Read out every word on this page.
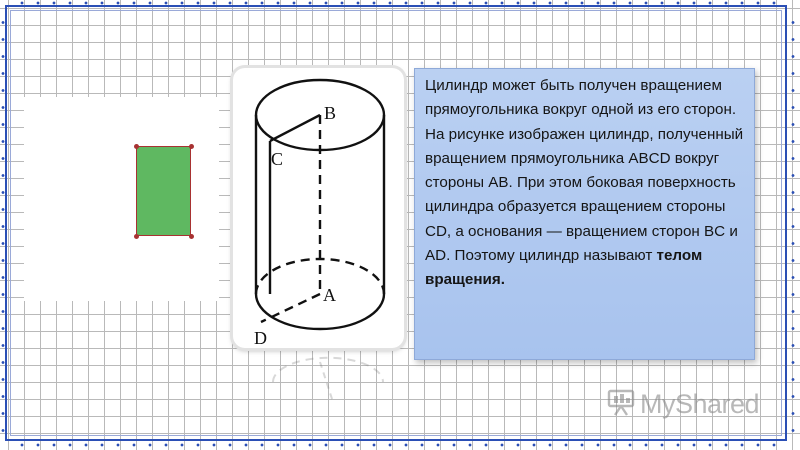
B
C
A
D

Цилиндр может быть получен вращением прямоугольника вокруг одной из его сторон.

На рисунке изображен цилиндр, полученный вращением прямоугольника ABCD вокруг стороны AB. При этом боковая поверхность цилиндра образуется вращением стороны CD, а основания — вращением сторон BC и AD. Поэтому цилиндр называют телом вращения.

MyShared
